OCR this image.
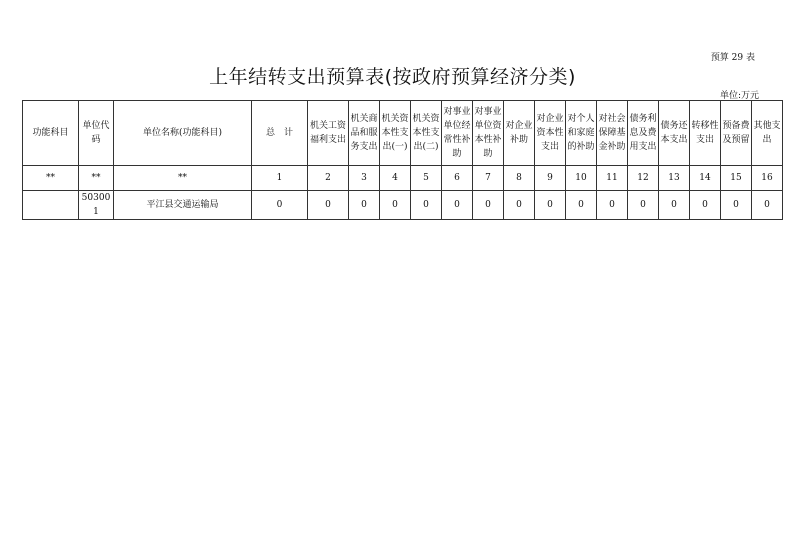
预算 29 表
上年结转支出预算表(按政府预算经济分类)
单位:万元
功能科目	单位代码	单位名称(功能科目)	总　计	机关工资福利支出	机关商品和服务支出	机关资本性支出(一)	机关资本性支出(二)	对事业单位经常性补助	对事业单位资本性补助	对企业补助	对企业资本性支出	对个人和家庭的补助	对社会保障基金补助	债务利息及费用支出	债务还本支出	转移性支出	预备费及预留	其他支出
**	**	**	1	2	3	4	5	6	7	8	9	10	11	12	13	14	15	16
	503001	平江县交通运输局	0	0	0	0	0	0	0	0	0	0	0	0	0	0	0	0
